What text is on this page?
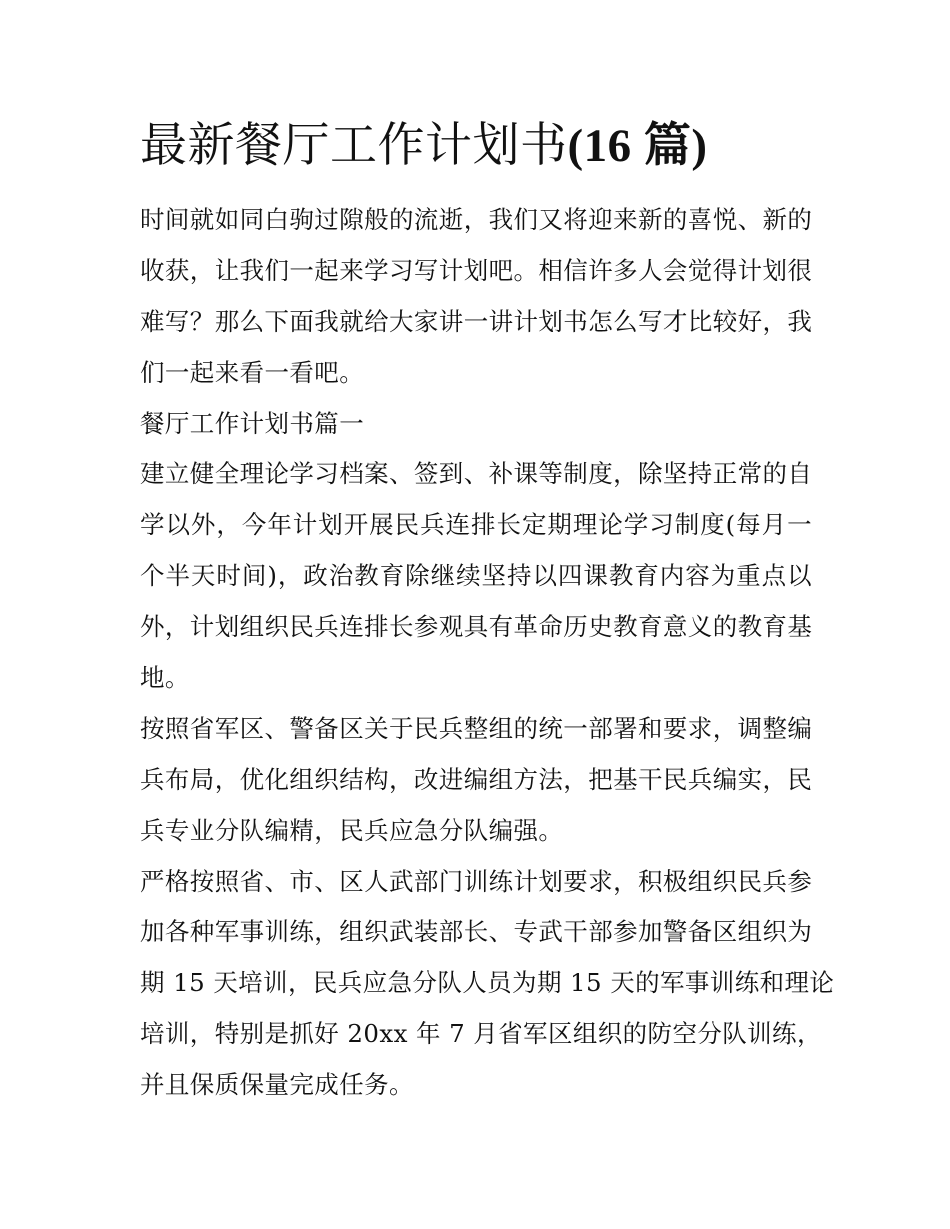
最新餐厅工作计划书(16 篇)
时间就如同白驹过隙般的流逝，我们又将迎来新的喜悦、新的
收获，让我们一起来学习写计划吧。相信许多人会觉得计划很
难写？那么下面我就给大家讲一讲计划书怎么写才比较好，我
们一起来看一看吧。
餐厅工作计划书篇一
建立健全理论学习档案、签到、补课等制度，除坚持正常的自
学以外，今年计划开展民兵连排长定期理论学习制度(每月一
个半天时间)，政治教育除继续坚持以四课教育内容为重点以
外，计划组织民兵连排长参观具有革命历史教育意义的教育基
地。
按照省军区、警备区关于民兵整组的统一部署和要求，调整编
兵布局，优化组织结构，改进编组方法，把基干民兵编实，民
兵专业分队编精，民兵应急分队编强。
严格按照省、市、区人武部门训练计划要求，积极组织民兵参
加各种军事训练，组织武装部长、专武干部参加警备区组织为
期 15 天培训，民兵应急分队人员为期 15 天的军事训练和理论
培训，特别是抓好 20xx 年 7 月省军区组织的防空分队训练，
并且保质保量完成任务。
